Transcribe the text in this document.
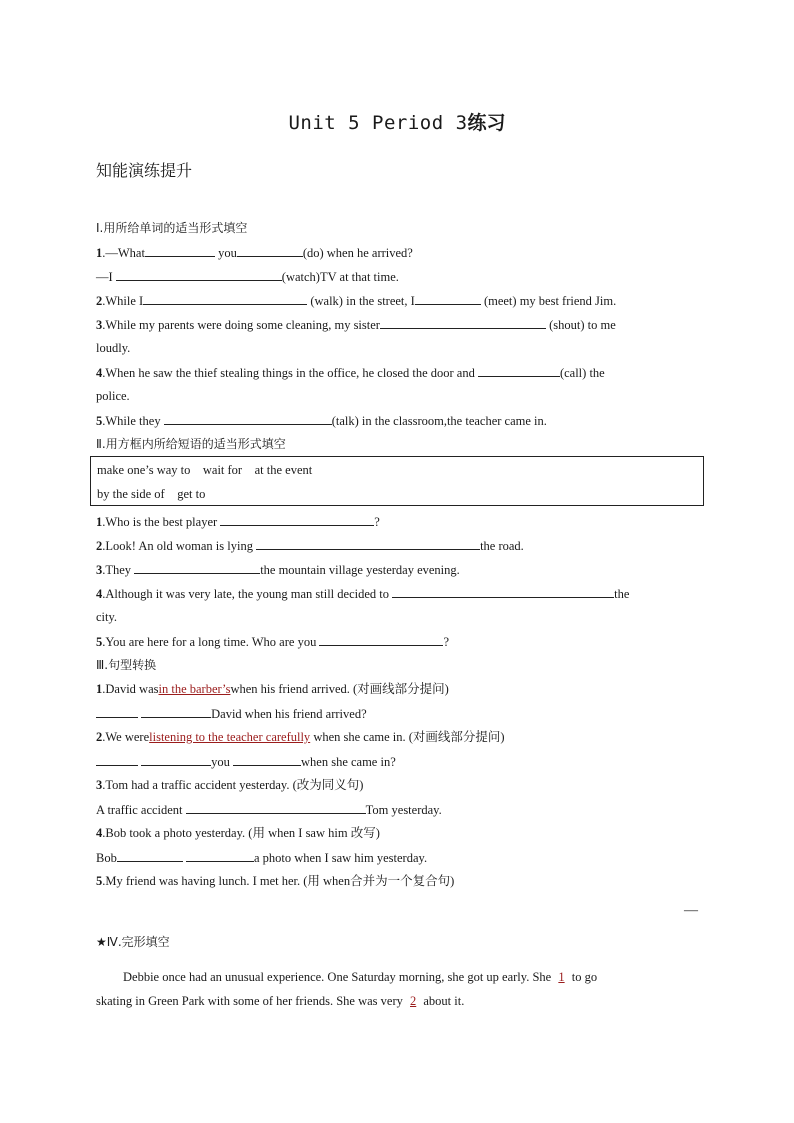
Unit 5 Period 3练习
知能演练提升
Ⅰ.用所给单词的适当形式填空
1.—What	you	(do) when he arrived?
—I	(watch)TV at that time.
2.While I	(walk) in the street, I	(meet) my best friend Jim.
3.While my parents were doing some cleaning, my sister	(shout) to me
loudly.
4.When he saw the thief stealing things in the office, he closed the door and	(call) the
police.
5.While they	(talk) in the classroom,the teacher came in.
Ⅱ.用方框内所给短语的适当形式填空
make one’s way to    wait for    at the event
by the side of    get to
1.Who is the best player	?
2.Look! An old woman is lying	the road.
3.They	the mountain village yesterday evening.
4.Although it was very late, the young man still decided to	the
city.
5.You are here for a long time. Who are you	?
Ⅲ.句型转换
1.David wasin the barber’swhen his friend arrived. (对画线部分提问)
David when his friend arrived?
2.We werelistening to the teacher carefully when she came in. (对画线部分提问)
you	when she came in?
3.Tom had a traffic accident yesterday. (改为同义句)
A traffic accident	Tom yesterday.
4.Bob took a photo yesterday. (用 when I saw him 改写)
Bob	a photo when I saw him yesterday.
5.My friend was having lunch. I met her. (用 when合并为一个复合句)
—
★Ⅳ.完形填空
Debbie once had an unusual experience. One Saturday morning, she got up early. She 1 to go
skating in Green Park with some of her friends. She was very 2 about it.
